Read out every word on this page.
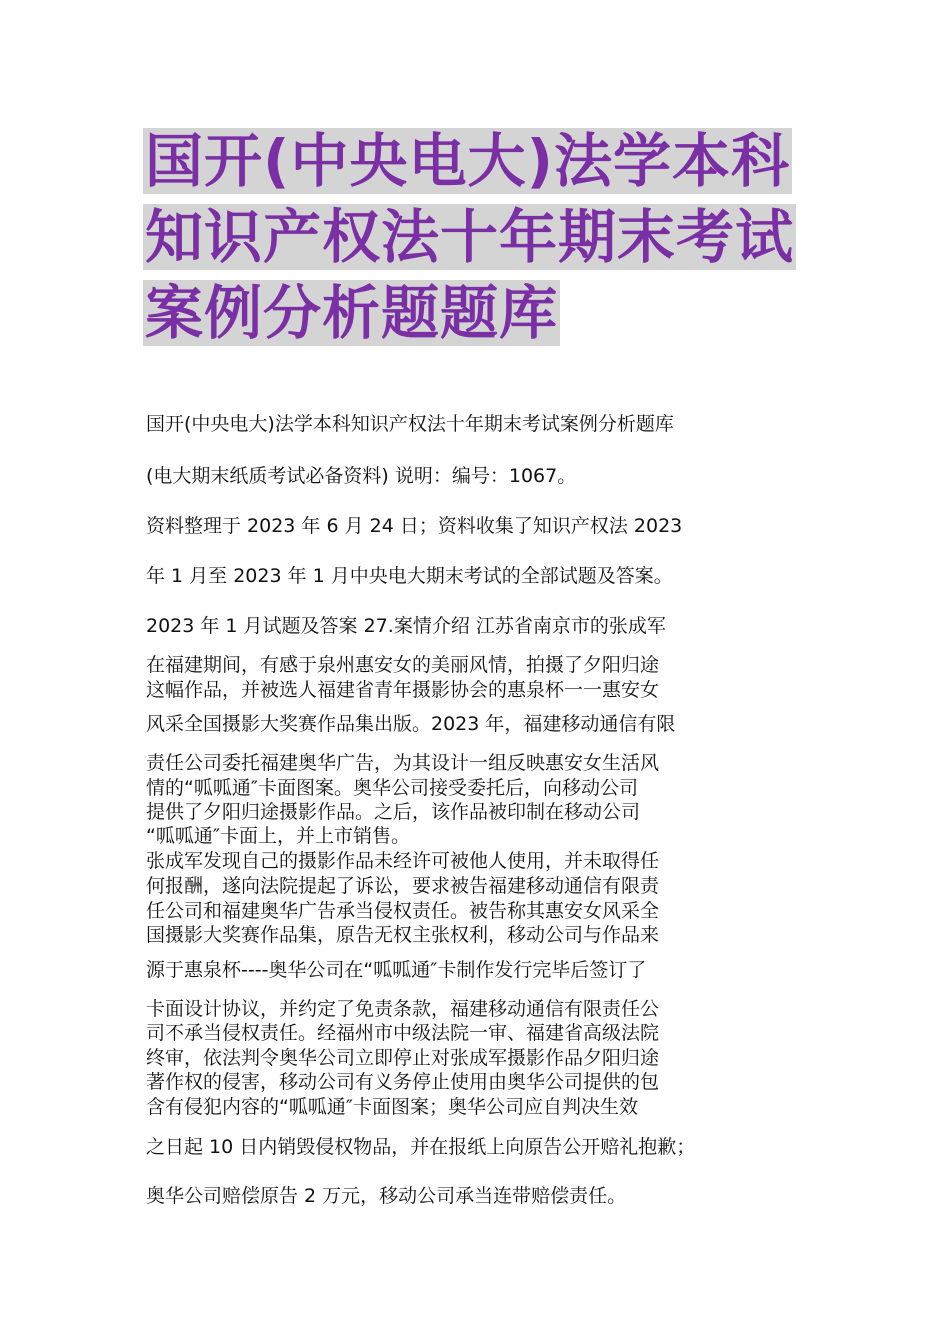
国开(中央电大)法学本科
知识产权法十年期末考试
案例分析题题库
国开(中央电大)法学本科知识产权法十年期末考试案例分析题库
(电大期末纸质考试必备资料) 说明：编号：1067。
资料整理于 2023 年 6 月 24 日；资料收集了知识产权法 2023
年 1 月至 2023 年 1 月中央电大期末考试的全部试题及答案。
2023 年 1 月试题及答案 27.案情介绍 江苏省南京市的张成军
在福建期间，有感于泉州惠安女的美丽风情，拍摄了夕阳归途
这幅作品，并被选人福建省青年摄影协会的惠泉杯一一惠安女
风采全国摄影大奖赛作品集出版。2023 年，福建移动通信有限
责任公司委托福建奥华广告，为其设计一组反映惠安女生活风
情的“呱呱通″卡面图案。奥华公司接受委托后，向移动公司
提供了夕阳归途摄影作品。之后，该作品被印制在移动公司
“呱呱通″卡面上，并上市销售。
张成军发现自己的摄影作品未经许可被他人使用，并未取得任
何报酬，遂向法院提起了诉讼，要求被告福建移动通信有限责
任公司和福建奥华广告承当侵权责任。被告称其惠安女风采全
国摄影大奖赛作品集，原告无权主张权利，移动公司与作品来
源于惠泉杯----奥华公司在“呱呱通″卡制作发行完毕后签订了
卡面设计协议，并约定了免责条款，福建移动通信有限责任公
司不承当侵权责任。经福州市中级法院一审、福建省高级法院
终审，依法判令奥华公司立即停止对张成军摄影作品夕阳归途
著作权的侵害，移动公司有义务停止使用由奥华公司提供的包
含有侵犯内容的“呱呱通″卡面图案；奥华公司应自判决生效
之日起 10 日内销毁侵权物品，并在报纸上向原告公开赔礼抱歉；
奥华公司赔偿原告 2 万元，移动公司承当连带赔偿责任。
